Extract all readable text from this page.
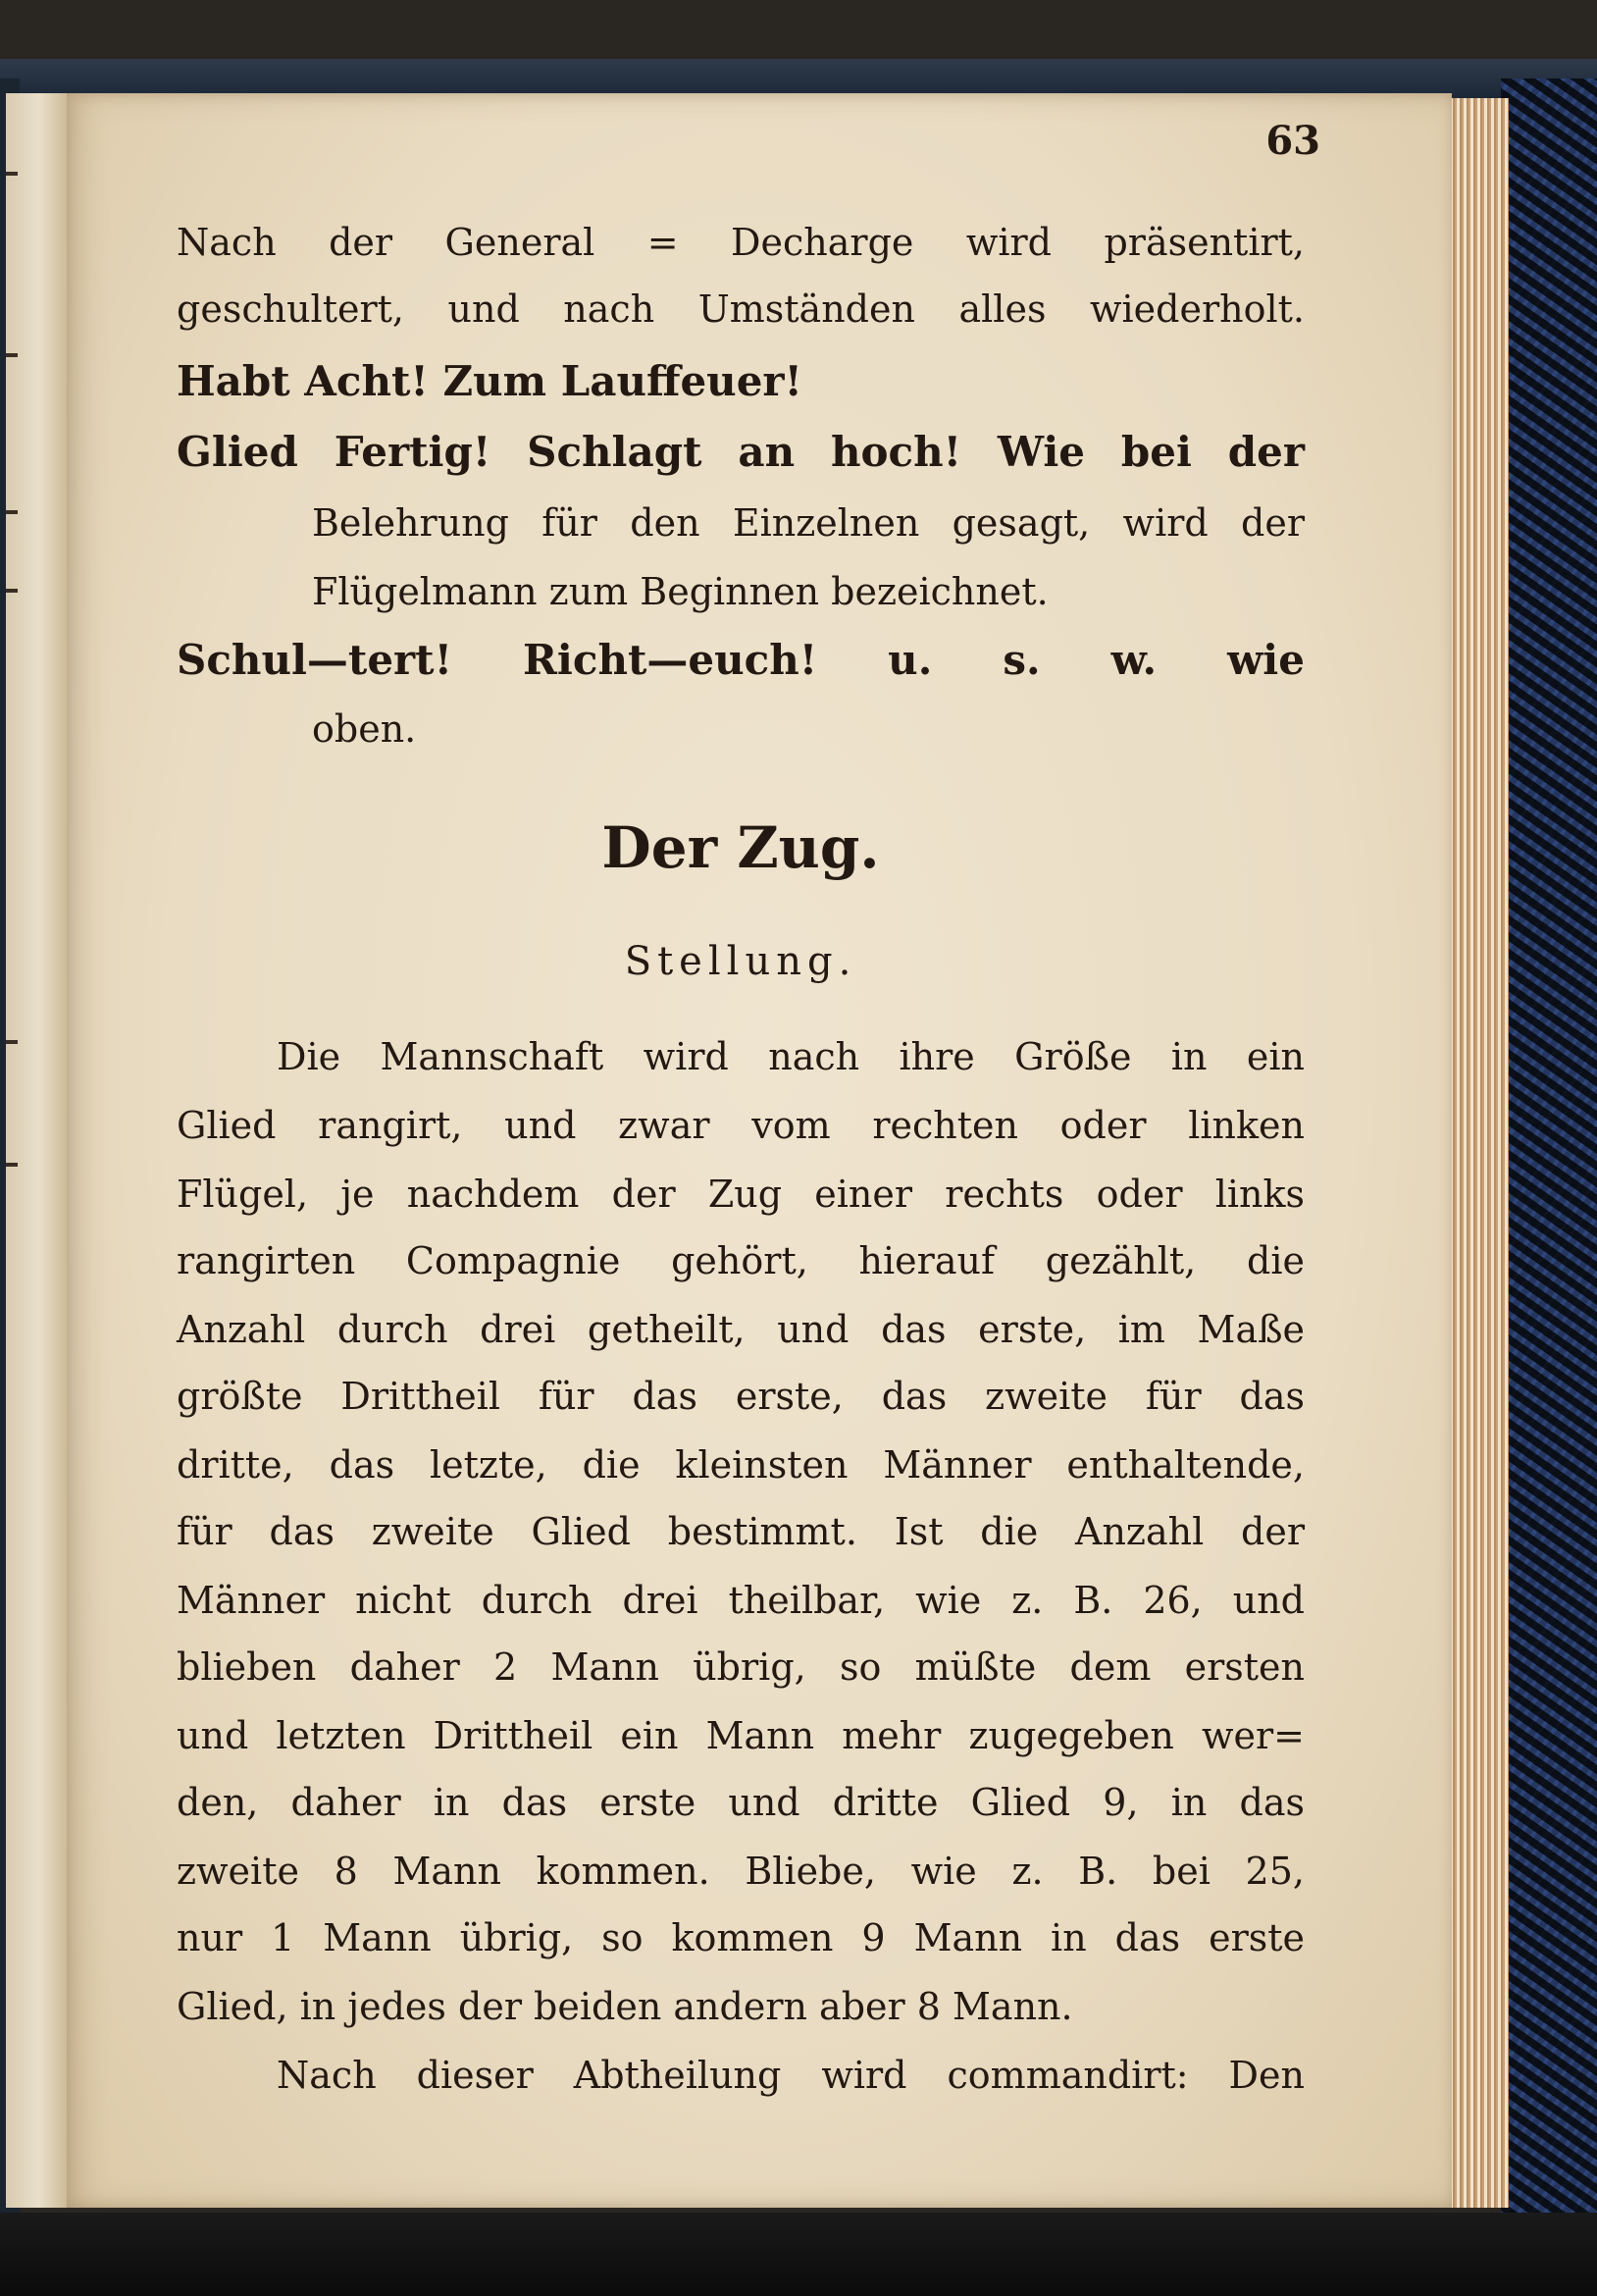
63
Nach der General = Decharge wird präsentirt,
geschultert, und nach Umständen alles wiederholt.
Habt Acht! Zum Lauffeuer!
Glied Fertig! Schlagt an hoch! Wie bei der
Belehrung für den Einzelnen gesagt, wird der
Flügelmann zum Beginnen bezeichnet.
Schul—tert! Richt—euch! u. s. w. wie
oben.
Der Zug.
Stellung.
Die Mannschaft wird nach ihre Größe in ein
Glied rangirt, und zwar vom rechten oder linken
Flügel, je nachdem der Zug einer rechts oder links
rangirten Compagnie gehört, hierauf gezählt, die
Anzahl durch drei getheilt, und das erste, im Maße
größte Drittheil für das erste, das zweite für das
dritte, das letzte, die kleinsten Männer enthaltende,
für das zweite Glied bestimmt. Ist die Anzahl der
Männer nicht durch drei theilbar, wie z. B. 26, und
blieben daher 2 Mann übrig, so müßte dem ersten
und letzten Drittheil ein Mann mehr zugegeben wer=
den, daher in das erste und dritte Glied 9, in das
zweite 8 Mann kommen. Bliebe, wie z. B. bei 25,
nur 1 Mann übrig, so kommen 9 Mann in das erste
Glied, in jedes der beiden andern aber 8 Mann.
Nach dieser Abtheilung wird commandirt: Den
